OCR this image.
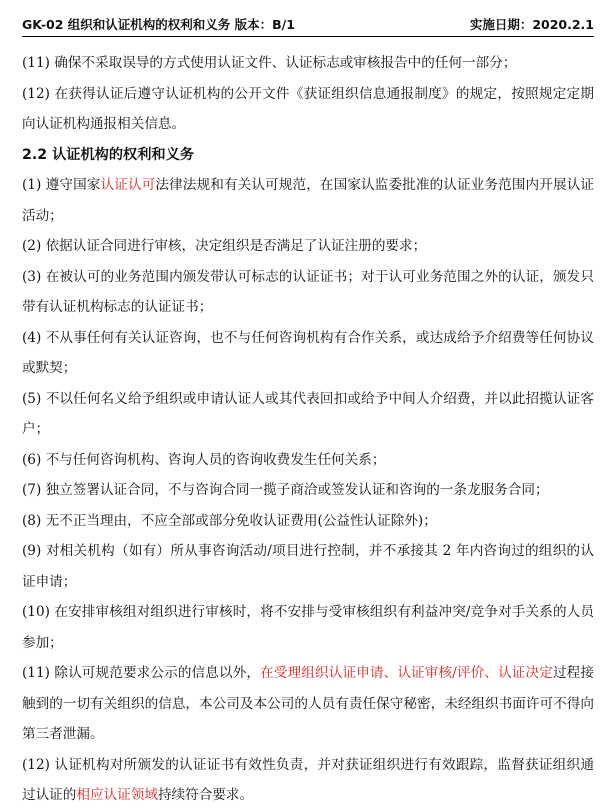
GK-02 组织和认证机构的权利和义务 版本：B/1	实施日期：2020.2.1

(11) 确保不采取误导的方式使用认证文件、认证标志或审核报告中的任何一部分；

(12) 在获得认证后遵守认证机构的公开文件《获证组织信息通报制度》的规定，按照规定定期向认证机构通报相关信息。

2.2 认证机构的权利和义务

(1) 遵守国家认证认可法律法规和有关认可规范，在国家认监委批准的认证业务范围内开展认证活动；

(2) 依据认证合同进行审核，决定组织是否满足了认证注册的要求；

(3) 在被认可的业务范围内颁发带认可标志的认证证书；对于认可业务范围之外的认证，颁发只带有认证机构标志的认证证书；

(4) 不从事任何有关认证咨询，也不与任何咨询机构有合作关系，或达成给予介绍费等任何协议或默契；

(5) 不以任何名义给予组织或申请认证人或其代表回扣或给予中间人介绍费，并以此招揽认证客户；

(6) 不与任何咨询机构、咨询人员的咨询收费发生任何关系；

(7) 独立签署认证合同，不与咨询合同一揽子商洽或签发认证和咨询的一条龙服务合同；

(8) 无不正当理由，不应全部或部分免收认证费用(公益性认证除外)；

(9) 对相关机构（如有）所从事咨询活动/项目进行控制，并不承接其 2 年内咨询过的组织的认证申请；

(10) 在安排审核组对组织进行审核时，将不安排与受审核组织有利益冲突/竞争对手关系的人员参加；

(11) 除认可规范要求公示的信息以外，在受理组织认证申请、认证审核/评价、认证决定过程接触到的一切有关组织的信息，本公司及本公司的人员有责任保守秘密，未经组织书面许可不得向第三者泄漏。

(12) 认证机构对所颁发的认证证书有效性负责，并对获证组织进行有效跟踪，监督获证组织通过认证的相应认证领域持续符合要求。
